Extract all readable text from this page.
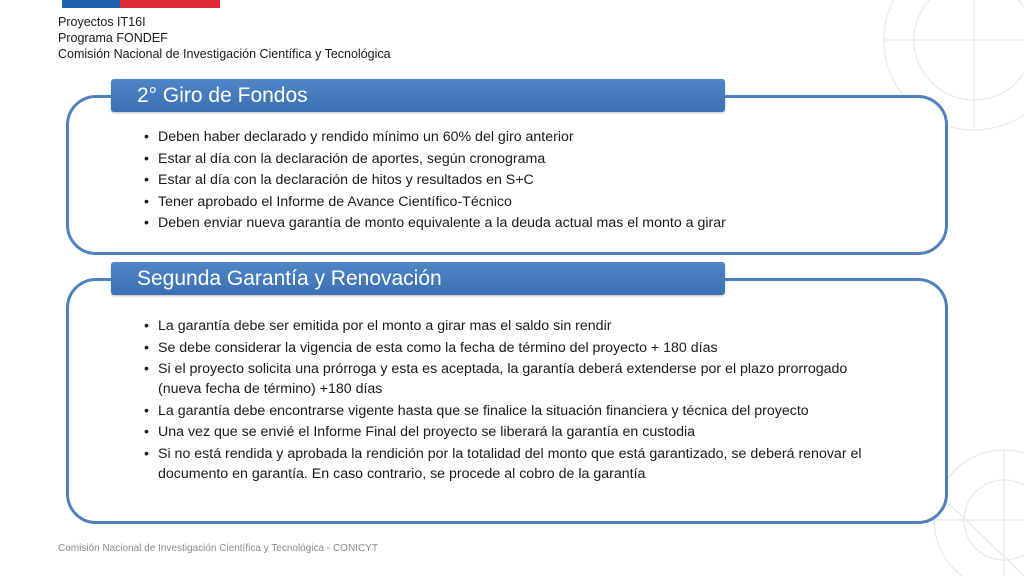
Proyectos IT16I
Programa FONDEF
Comisión Nacional de Investigación Científica y Tecnológica
2° Giro de Fondos
• Deben haber declarado y rendido mínimo un 60% del giro anterior
• Estar al día con la declaración de aportes, según cronograma
• Estar al día con la declaración de hitos y resultados en S+C
• Tener aprobado el Informe de Avance Científico-Técnico
• Deben enviar nueva garantía de monto equivalente a la deuda actual mas el monto a girar
Segunda Garantía y Renovación
• La garantía debe ser emitida por el monto a girar mas el saldo sin rendir
• Se debe considerar la vigencia de esta como la fecha de término del proyecto + 180 días
• Si el proyecto solicita una prórroga y esta es aceptada, la garantía deberá extenderse por el plazo prorrogado (nueva fecha de término) +180 días
• La garantía debe encontrarse vigente hasta que se finalice la situación financiera y técnica del proyecto
• Una vez que se envié el Informe Final del proyecto se liberará la garantía en custodia
• Si no está rendida y aprobada la rendición por la totalidad del monto que está garantizado, se deberá renovar el documento en garantía. En caso contrario, se procede al cobro de la garantía
Comisión Nacional de Investigación Científica y Tecnológica - CONICYT
